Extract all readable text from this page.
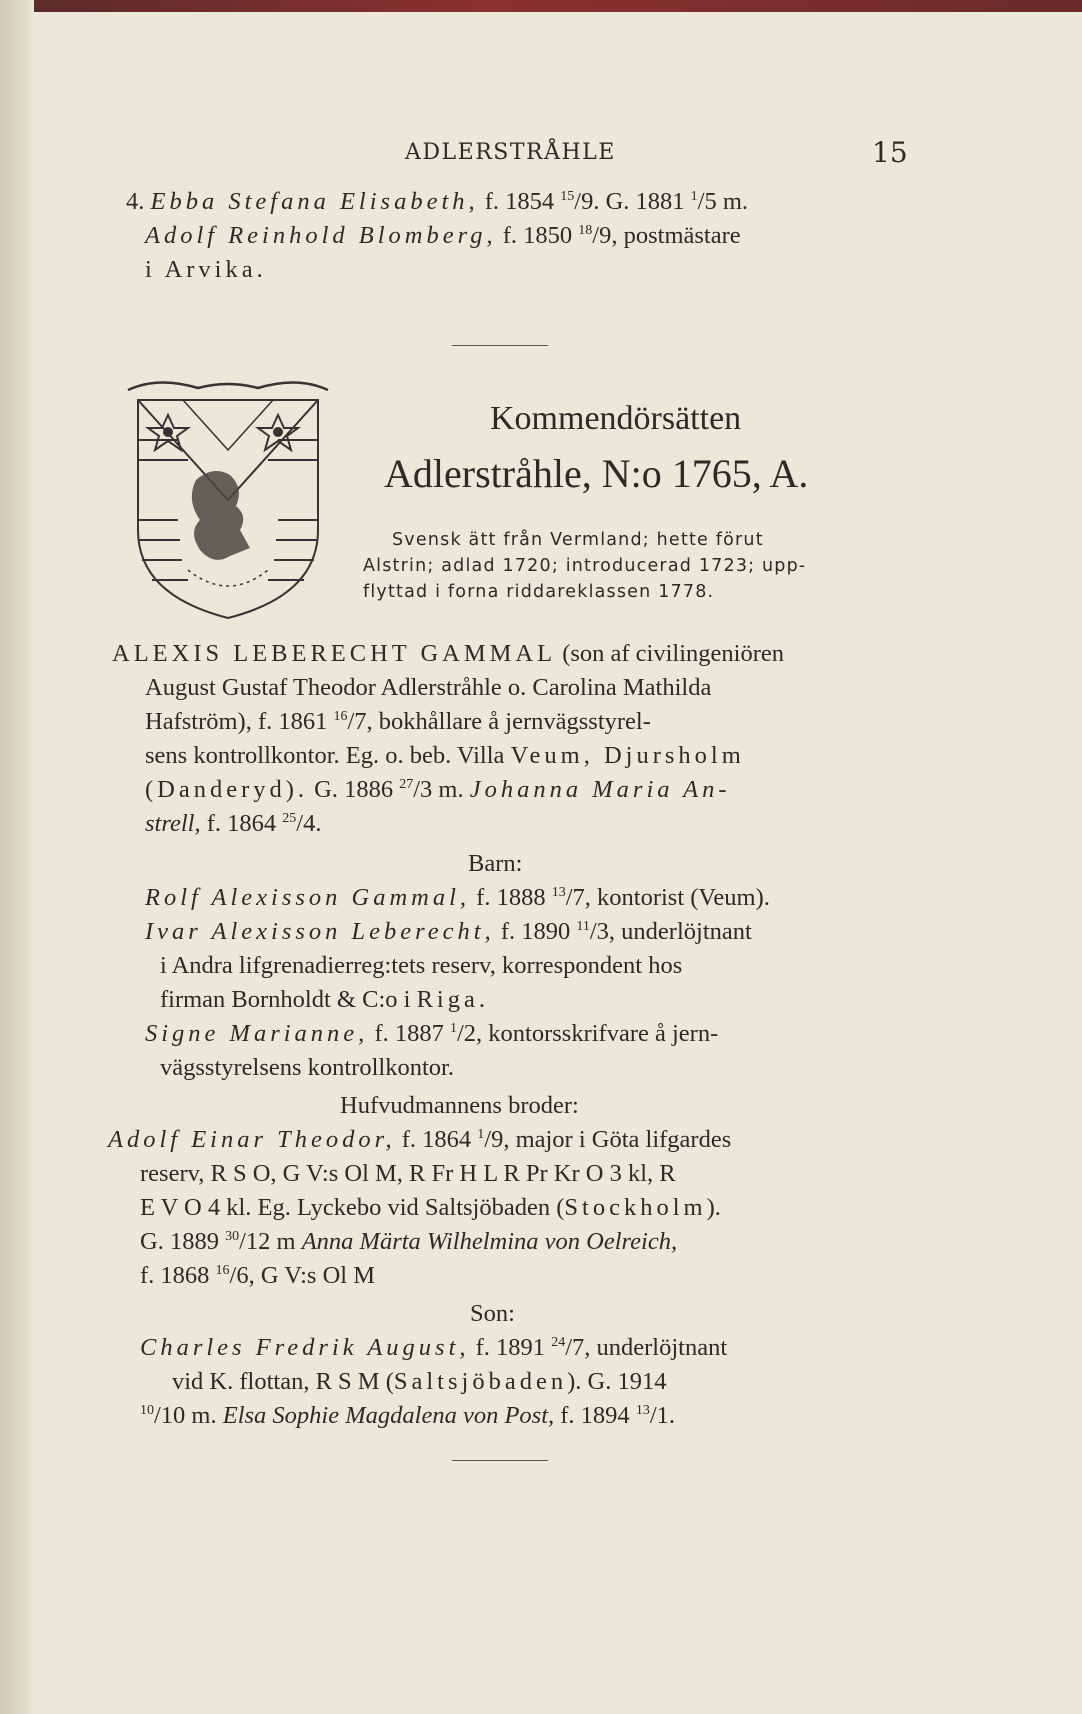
ADLERSTRÅHLE	15
4. Ebba Stefana Elisabeth, f. 1854 $^{15}$/9. G. 1881 $^1$/5 m.
Adolf Reinhold Blomberg, f. 1850 $^{18}$/9, postmästare
i Arvika.
Kommendörsätten
Adlerstråhle, N:o 1765, A.
Svensk ätt från Vermland; hette förut
Alstrin; adlad 1720; introducerad 1723; upp-
flyttad i forna riddareklassen 1778.
ALEXIS LEBERECHT GAMMAL (son af civilingeniören
August Gustaf Theodor Adlerstråhle o. Carolina Mathilda
Hafström), f. 1861 $^{16}$/7, bokhållare å jernvägsstyrel-
sens kontrollkontor. Eg. o. beb. Villa Veum, Djursholm
(Danderyd). G. 1886 $^{27}$/3 m. Johanna Maria An-
strell, f. 1864 $^{25}$/4.
Barn:
Rolf Alexisson Gammal, f. 1888 $^{13}$/7, kontorist (Veum).
Ivar Alexisson Leberecht, f. 1890 $^{11}$/3, underlöjtnant
i Andra lifgrenadierreg:tets reserv, korrespondent hos
firman Bornholdt & C:o i Riga.
Signe Marianne, f. 1887 $^1$/2, kontorsskrifvare å jern-
vägsstyrelsens kontrollkontor.
Hufvudmannens broder:
Adolf Einar Theodor, f. 1864 $^1$/9, major i Göta lifgardes
reserv, R S O, G V:s Ol M, R Fr H L R Pr Kr O 3 kl, R
E V O 4 kl. Eg. Lyckebo vid Saltsjöbaden (Stockholm).
G. 1889 $^{30}$/12 m Anna Märta Wilhelmina von Oelreich,
f. 1868 $^{16}$/6, G V:s Ol M
Son:
Charles Fredrik August, f. 1891 $^{24}$/7, underlöjtnant
vid K. flottan, R S M (Saltsjöbaden). G. 1914
$^{10}$/10 m. Elsa Sophie Magdalena von Post, f. 1894 $^{13}$/1.
